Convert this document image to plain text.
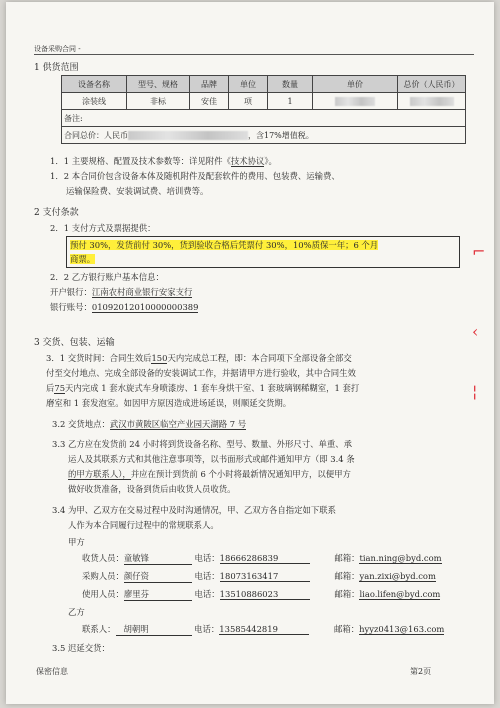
设备采购合同 -
1 供货范围
设备名称	型号、规格	品牌	单位	数量	单价	总价（人民币）
涂装线	非标	安佳	项	1		
备注:						
合同总价：人民币 ，含17%增值税。						
1．1 主要规格、配置及技术参数等：详见附件《技术协议》。
1．2 本合同价包含设备本体及随机附件及配套软件的费用、包装费、运输费、
运输保险费、安装调试费、培训费等。
2 支付条款
2．1 支付方式及票据提供：
预付 30%，发货前付 30%，货到验收合格后凭票付 30%，10%质保一年；6 个月
商票。
2．2 乙方银行账户基本信息：
开户银行：江南农村商业银行安家支行
银行账号：01092012010000000389
3 交货、包装、运输
3．1 交货时间：合同生效后150天内完成总工程，即：本合同项下全部设备全部交
付至交付地点、完成全部设备的安装调试工作，并据请甲方进行验收，其中合同生效
后75天内完成 1 套水旋式车身喷漆房、1 套车身烘干室、1 套玻璃钢稀糊室，1 套打
磨室和 1 套发泡室。如因甲方原因造成进场延误，则顺延交货期。
3.2 交货地点：武汉市黄陂区临空产业园天湖路 7 号
3.3 乙方应在发货前 24 小时将到货设备名称、型号、数量、外形尺寸、单重、承
运人及其联系方式和其他注意事项等，以书面形式或邮件通知甲方（即 3.4 条
的甲方联系人），并应在预计到货前 6 个小时将最新情况通知甲方，以便甲方
做好收货准备，设备到货后由收货人员收货。
3.4 为甲、乙双方在交易过程中及时沟通情况，甲、乙双方各自指定如下联系
人作为本合同履行过程中的常规联系人。
甲方
收货人员：童敏锋	电话：18666286839	邮箱：tian.ning@byd.com
采购人员：颜仔资	电话：18073163417	邮箱：yan.zixi@byd.com
使用人员：廖里芬	电话：13510886023	邮箱：liao.lifen@byd.com
乙方
联系人： 胡朝明	电话：13585442819	邮箱：hyyz0413@163.com
3.5 迟延交货：
保密信息	第2页
⌐

‹

¦
